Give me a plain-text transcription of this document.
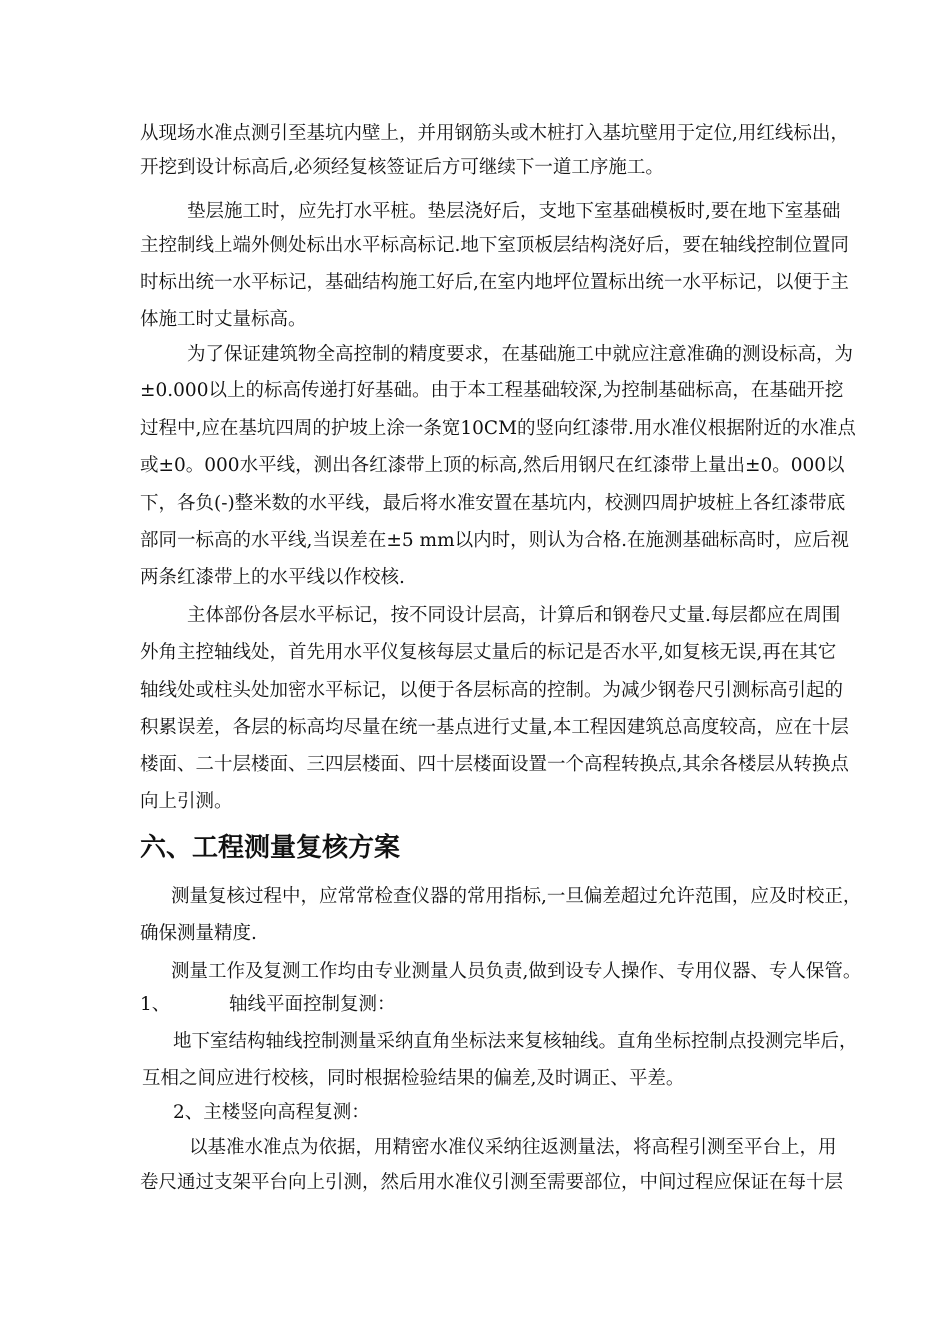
从现场水准点测引至基坑内壁上，并用钢筋头或木桩打入基坑壁用于定位,用红线标出，
开挖到设计标高后,必须经复核签证后方可继续下一道工序施工。
垫层施工时，应先打水平桩。垫层浇好后，支地下室基础模板时,要在地下室基础
主控制线上端外侧处标出水平标高标记.地下室顶板层结构浇好后，要在轴线控制位置同
时标出统一水平标记，基础结构施工好后,在室内地坪位置标出统一水平标记，以便于主
体施工时丈量标高。
为了保证建筑物全高控制的精度要求，在基础施工中就应注意准确的测设标高，为
±0.000以上的标高传递打好基础。由于本工程基础较深,为控制基础标高，在基础开挖
过程中,应在基坑四周的护坡上涂一条宽10CM的竖向红漆带.用水准仪根据附近的水准点
或±0。000水平线，测出各红漆带上顶的标高,然后用钢尺在红漆带上量出±0。000以
下，各负(-)整米数的水平线，最后将水准安置在基坑内，校测四周护坡桩上各红漆带底
部同一标高的水平线,当误差在±5 mm以内时，则认为合格.在施测基础标高时，应后视
两条红漆带上的水平线以作校核.
主体部份各层水平标记，按不同设计层高，计算后和钢卷尺丈量.每层都应在周围
外角主控轴线处，首先用水平仪复核每层丈量后的标记是否水平,如复核无误,再在其它
轴线处或柱头处加密水平标记，以便于各层标高的控制。为减少钢卷尺引测标高引起的
积累误差，各层的标高均尽量在统一基点进行丈量,本工程因建筑总高度较高，应在十层
楼面、二十层楼面、三四层楼面、四十层楼面设置一个高程转换点,其余各楼层从转换点
向上引测。
六、工程测量复核方案
测量复核过程中，应常常检查仪器的常用指标,一旦偏差超过允许范围，应及时校正，
确保测量精度.
测量工作及复测工作均由专业测量人员负责,做到设专人操作、专用仪器、专人保管。
1、	轴线平面控制复测：
地下室结构轴线控制测量采纳直角坐标法来复核轴线。直角坐标控制点投测完毕后，
互相之间应进行校核，同时根据检验结果的偏差,及时调正、平差。
2、主楼竖向高程复测：
以基准水准点为依据，用精密水准仪采纳往返测量法，将高程引测至平台上，用
卷尺通过支架平台向上引测，然后用水准仪引测至需要部位，中间过程应保证在每十层
